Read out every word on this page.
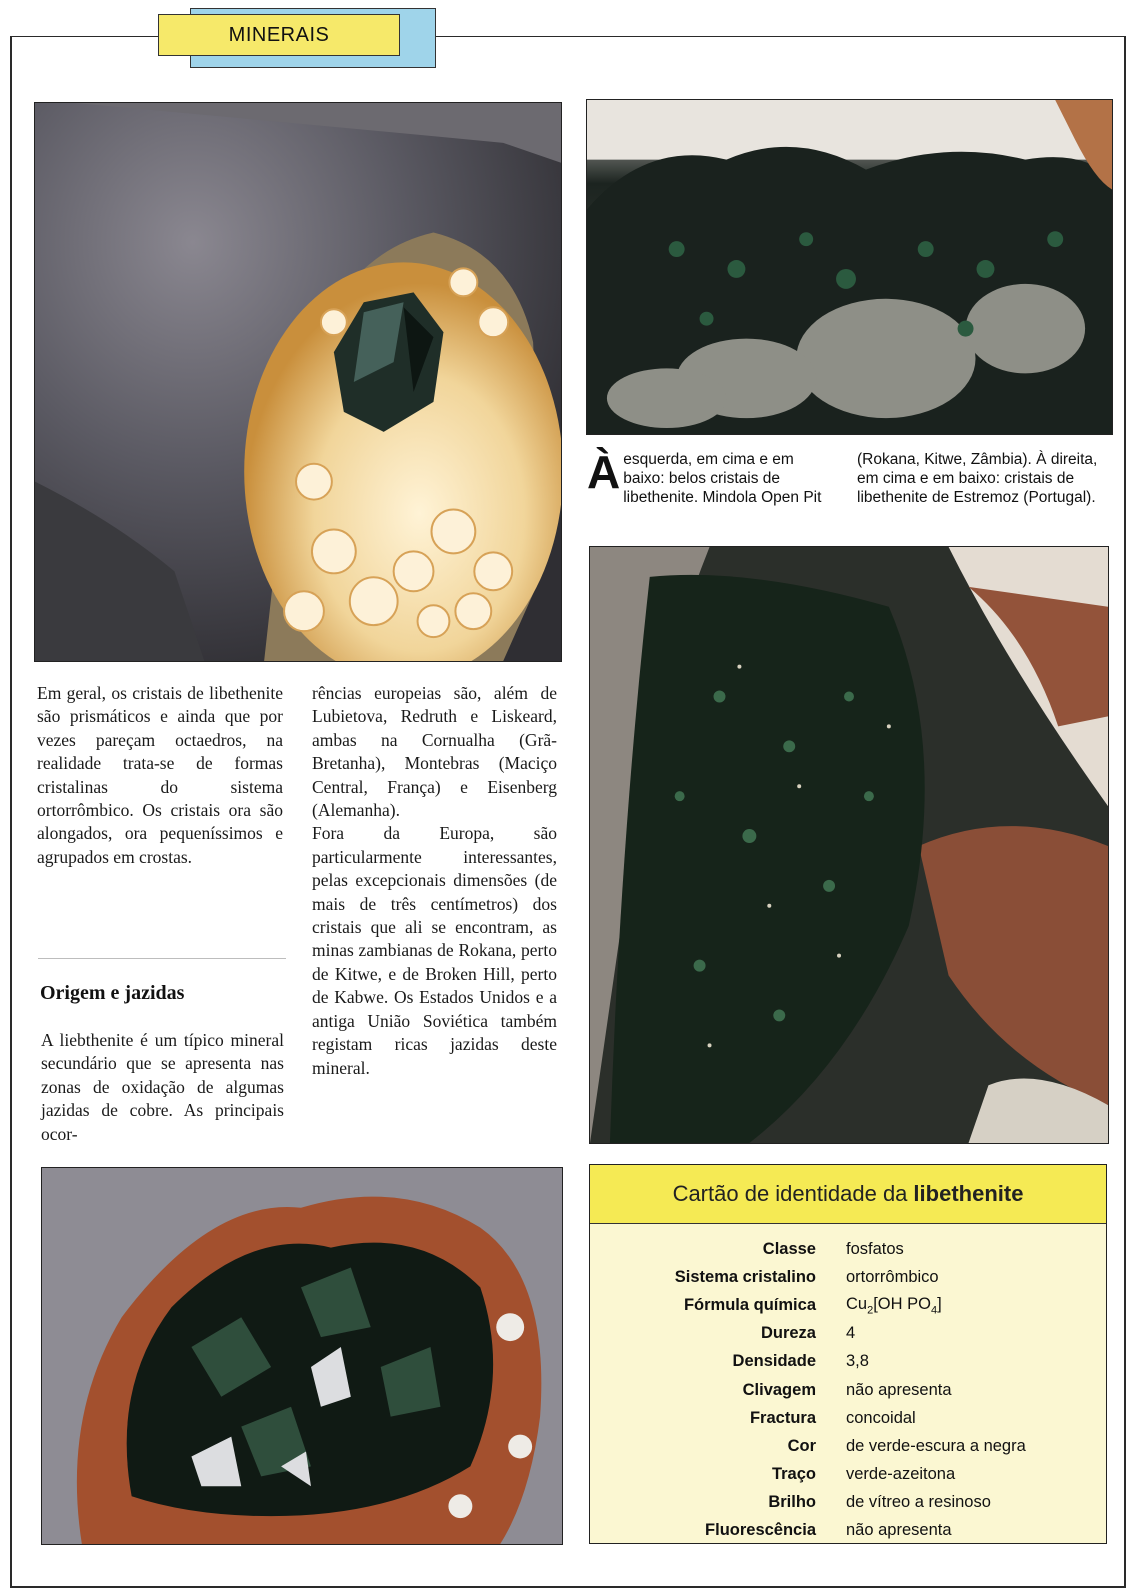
MINERAIS
Àesquerda, em cima e em baixo: belos cristais de libethenite. Mindola Open Pit
(Rokana, Kitwe, Zâmbia). À direita, em cima e em baixo: cristais de libethenite de Estremoz (Portugal).

Em geral, os cristais de libethenite são prismáticos e ainda que por vezes pareçam octaedros, na realidade trata-se de formas cristalinas do sistema ortorrômbico. Os cristais ora são alongados, ora pequeníssimos e agrupados em crostas.

Origem e jazidas

A liebthenite é um típico mineral secundário que se apresenta nas zonas de oxidação de algumas jazidas de cobre. As principais ocor-

rências europeias são, além de Lubietova, Redruth e Liskeard, ambas na Cornualha (Grã-Bretanha), Montebras (Maciço Central, França) e Eisenberg (Alemanha).

Fora da Europa, são particularmente interessantes, pelas excepcionais dimensões (de mais de três centímetros) dos cristais que ali se encontram, as minas zambianas de Rokana, perto de Kitwe, e de Broken Hill, perto de Kabwe. Os Estados Unidos e a antiga União Soviética também registam ricas jazidas deste mineral.

Cartão de identidade da libethenite
Classe fosfatos
Sistema cristalino ortorrômbico
Fórmula química $Cu_2[OH$ $PO_4$]
Dureza 4
Densidade 3,8
Clivagem não apresenta
Fractura concoidal
Cor de verde-escura a negra
Traço verde-azeitona
Brilho de vítreo a resinoso
Fluorescência não apresenta
